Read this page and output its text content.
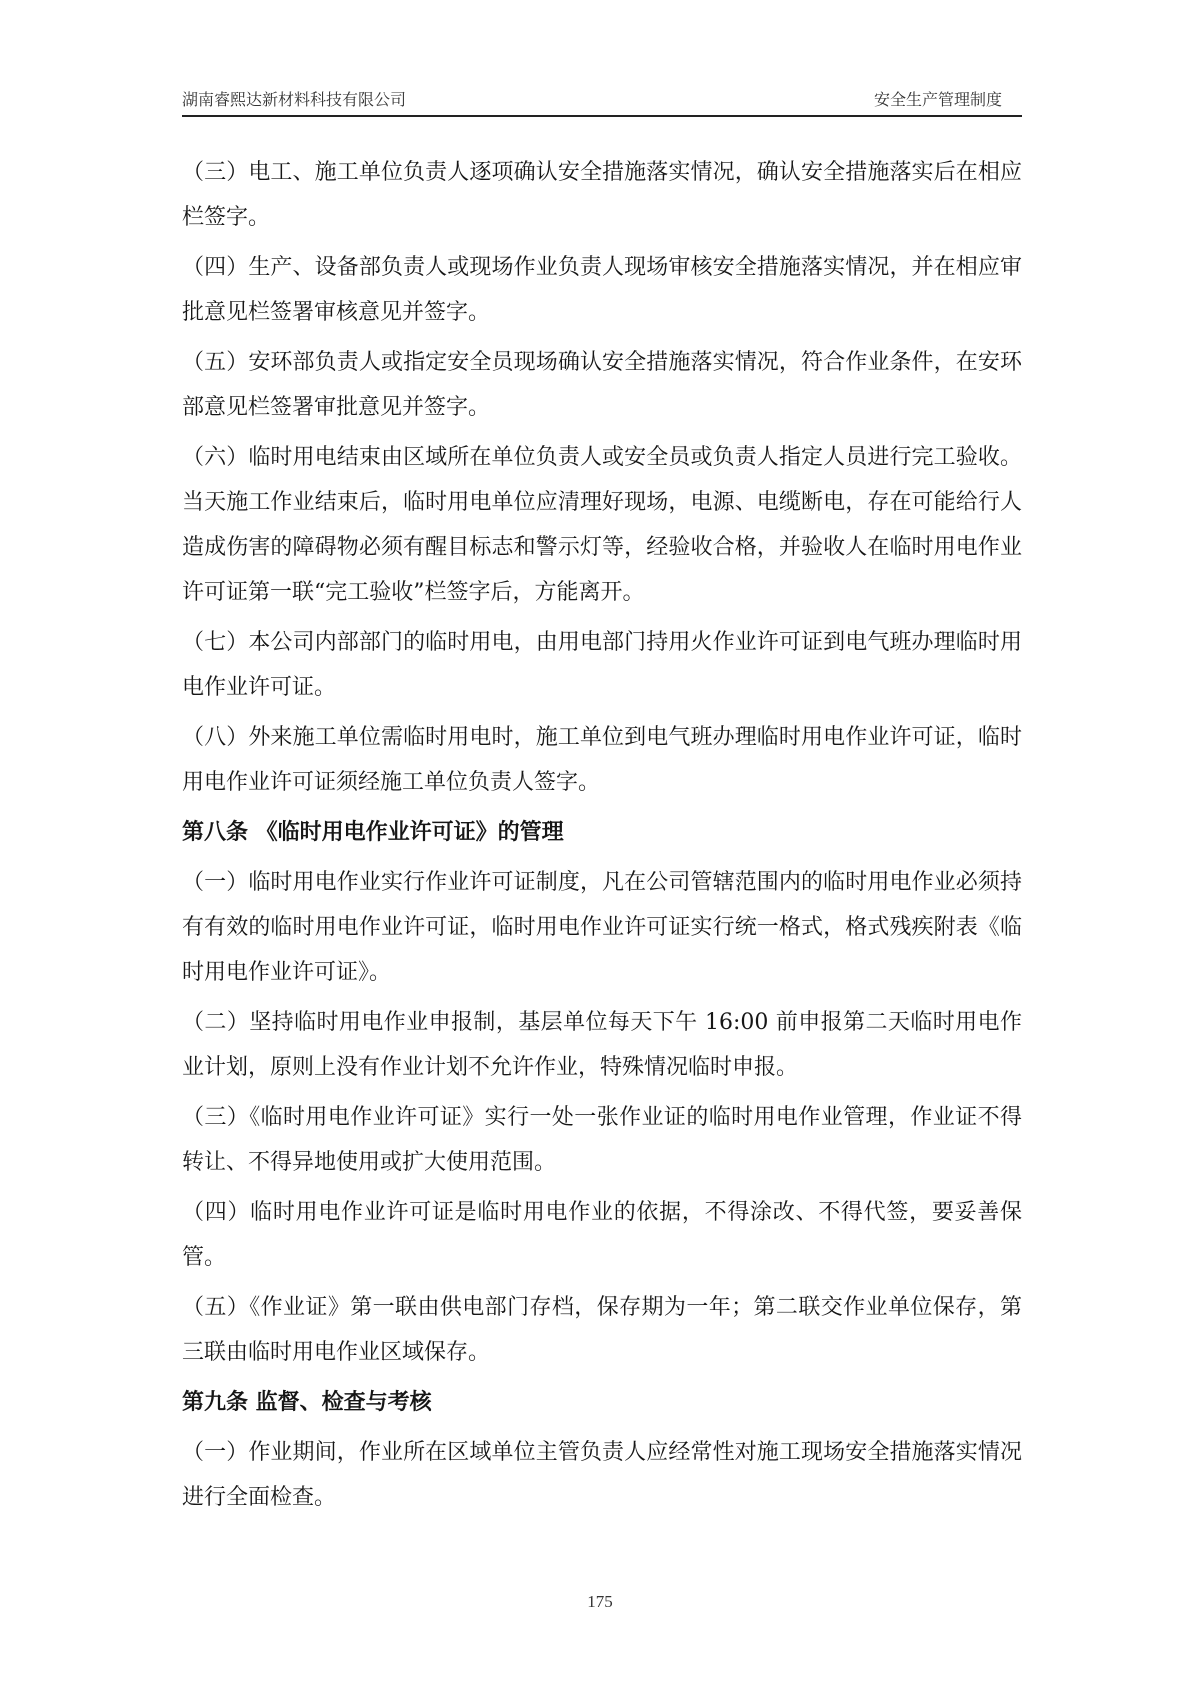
湖南睿熙达新材料科技有限公司	安全生产管理制度

（三）电工、施工单位负责人逐项确认安全措施落实情况，确认安全措施落实后在相应栏签字。

（四）生产、设备部负责人或现场作业负责人现场审核安全措施落实情况，并在相应审批意见栏签署审核意见并签字。

（五）安环部负责人或指定安全员现场确认安全措施落实情况，符合作业条件，在安环部意见栏签署审批意见并签字。

（六）临时用电结束由区域所在单位负责人或安全员或负责人指定人员进行完工验收。当天施工作业结束后，临时用电单位应清理好现场，电源、电缆断电，存在可能给行人造成伤害的障碍物必须有醒目标志和警示灯等，经验收合格，并验收人在临时用电作业许可证第一联“完工验收”栏签字后，方能离开。

（七）本公司内部部门的临时用电，由用电部门持用火作业许可证到电气班办理临时用电作业许可证。

（八）外来施工单位需临时用电时，施工单位到电气班办理临时用电作业许可证，临时用电作业许可证须经施工单位负责人签字。

第八条 《临时用电作业许可证》的管理

（一）临时用电作业实行作业许可证制度，凡在公司管辖范围内的临时用电作业必须持有有效的临时用电作业许可证，临时用电作业许可证实行统一格式，格式残疾附表《临时用电作业许可证》。

（二）坚持临时用电作业申报制，基层单位每天下午 16:00 前申报第二天临时用电作业计划，原则上没有作业计划不允许作业，特殊情况临时申报。

（三）《临时用电作业许可证》实行一处一张作业证的临时用电作业管理，作业证不得转让、不得异地使用或扩大使用范围。

（四）临时用电作业许可证是临时用电作业的依据，不得涂改、不得代签，要妥善保管。

（五）《作业证》第一联由供电部门存档，保存期为一年；第二联交作业单位保存，第三联由临时用电作业区域保存。

第九条 监督、检查与考核

（一）作业期间，作业所在区域单位主管负责人应经常性对施工现场安全措施落实情况进行全面检查。

175
